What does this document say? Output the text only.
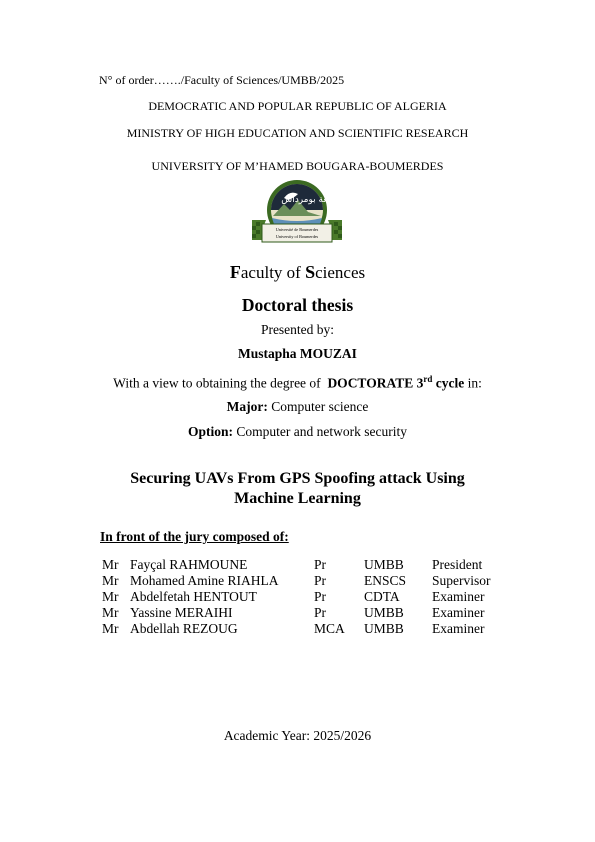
N° of order……./Faculty of Sciences/UMBB/2025
DEMOCRATIC AND POPULAR REPUBLIC OF ALGERIA
MINISTRY OF HIGH EDUCATION AND SCIENTIFIC RESEARCH
UNIVERSITY OF M’HAMED BOUGARA-BOUMERDES
جامعة بومرداس
Université de Boumerdes
University of Boumerdes
Faculty of Sciences
Doctoral thesis
Presented by:
Mustapha MOUZAI
With a view to obtaining the degree of DOCTORATE 3rd cycle in:
Major: Computer science
Option: Computer and network security
Securing UAVs From GPS Spoofing attack Using
Machine Learning
In front of the jury composed of:
Mr Fayçal RAHMOUNE	Pr	UMBB President
Mr Mohamed Amine RIAHLA	Pr	ENSCS Supervisor
Mr Abdelfetah HENTOUT	Pr	CDTA Examiner
Mr Yassine MERAIHI	Pr	UMBB Examiner
Mr Abdellah REZOUG	MCA UMBB Examiner
Academic Year: 2025/2026
